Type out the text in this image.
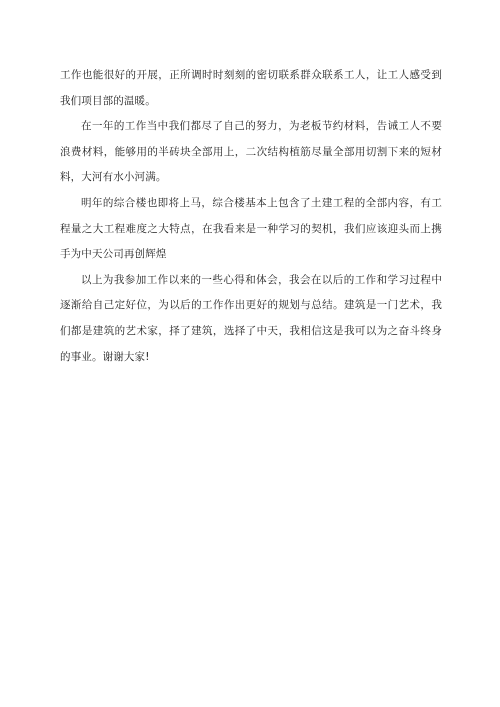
工作也能很好的开展，正所调时时刻刻的密切联系群众联系工人，让工人感受到我们项目部的温暖。

在一年的工作当中我们都尽了自己的努力，为老板节约材料，告诫工人不要浪费材料，能够用的半砖块全部用上，二次结构植筋尽量全部用切割下来的短材料，大河有水小河满。

明年的综合楼也即将上马，综合楼基本上包含了土建工程的全部内容，有工程量之大工程难度之大特点，在我看来是一种学习的契机，我们应该迎头而上携手为中天公司再创辉煌

以上为我参加工作以来的一些心得和体会，我会在以后的工作和学习过程中逐渐给自己定好位，为以后的工作作出更好的规划与总结。建筑是一门艺术，我们都是建筑的艺术家，择了建筑，选择了中天，我相信这是我可以为之奋斗终身的事业。谢谢大家!
